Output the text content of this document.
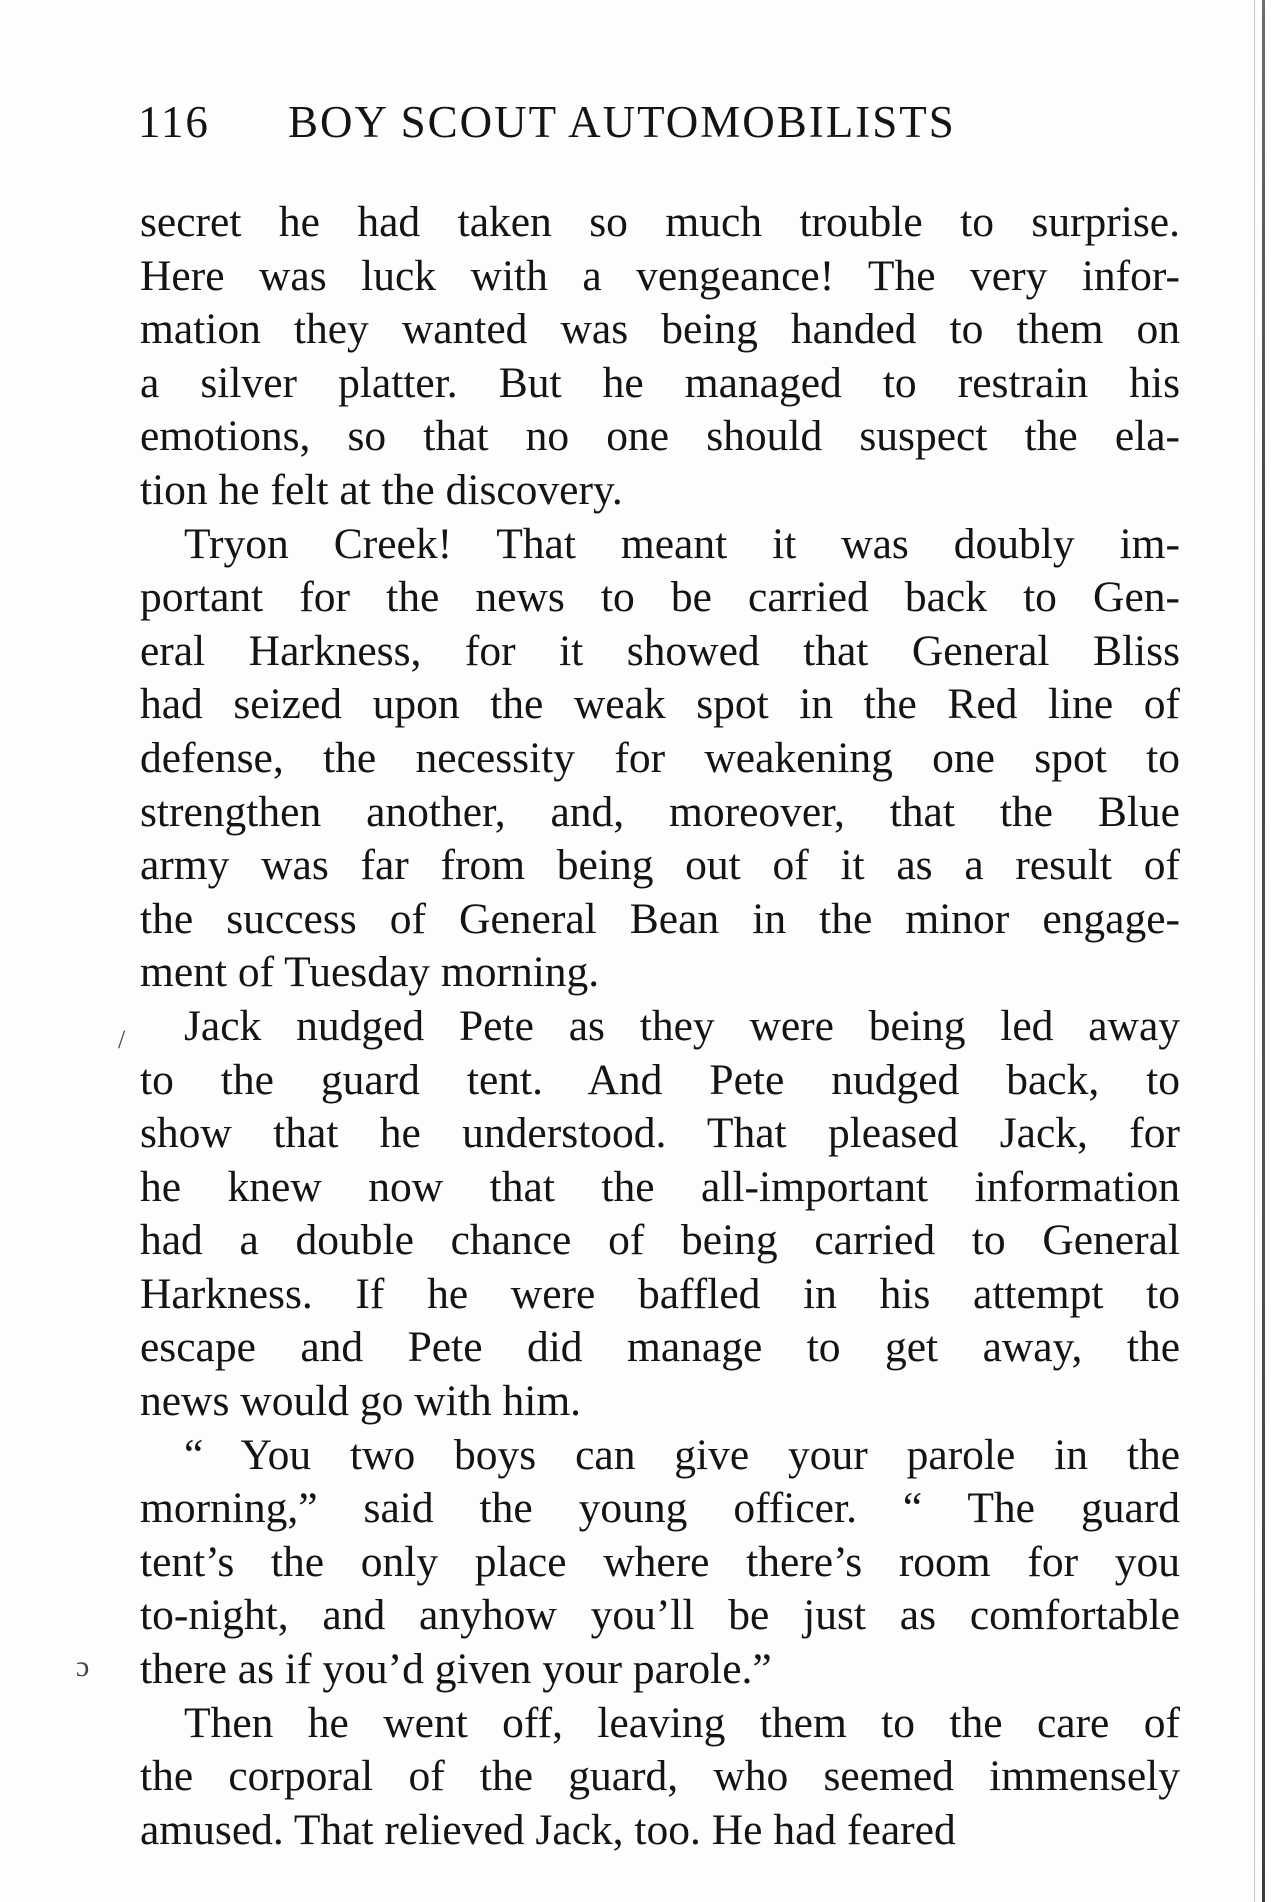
116 BOY SCOUT AUTOMOBILISTS
secret he had taken so much trouble to surprise.
Here was luck with a vengeance! The very infor-
mation they wanted was being handed to them on
a silver platter. But he managed to restrain his
emotions, so that no one should suspect the ela-
tion he felt at the discovery.
Tryon Creek! That meant it was doubly im-
portant for the news to be carried back to Gen-
eral Harkness, for it showed that General Bliss
had seized upon the weak spot in the Red line of
defense, the necessity for weakening one spot to
strengthen another, and, moreover, that the Blue
army was far from being out of it as a result of
the success of General Bean in the minor engage-
ment of Tuesday morning.
Jack nudged Pete as they were being led away
to the guard tent. And Pete nudged back, to
show that he understood. That pleased Jack, for
he knew now that the all-important information
had a double chance of being carried to General
Harkness. If he were baffled in his attempt to
escape and Pete did manage to get away, the
news would go with him.
“ You two boys can give your parole in the
morning,” said the young officer. “ The guard
tent’s the only place where there’s room for you
to-night, and anyhow you’ll be just as comfortable
there as if you’d given your parole.”
Then he went off, leaving them to the care of
the corporal of the guard, who seemed immensely
amused. That relieved Jack, too. He had feared
/
ɔ
